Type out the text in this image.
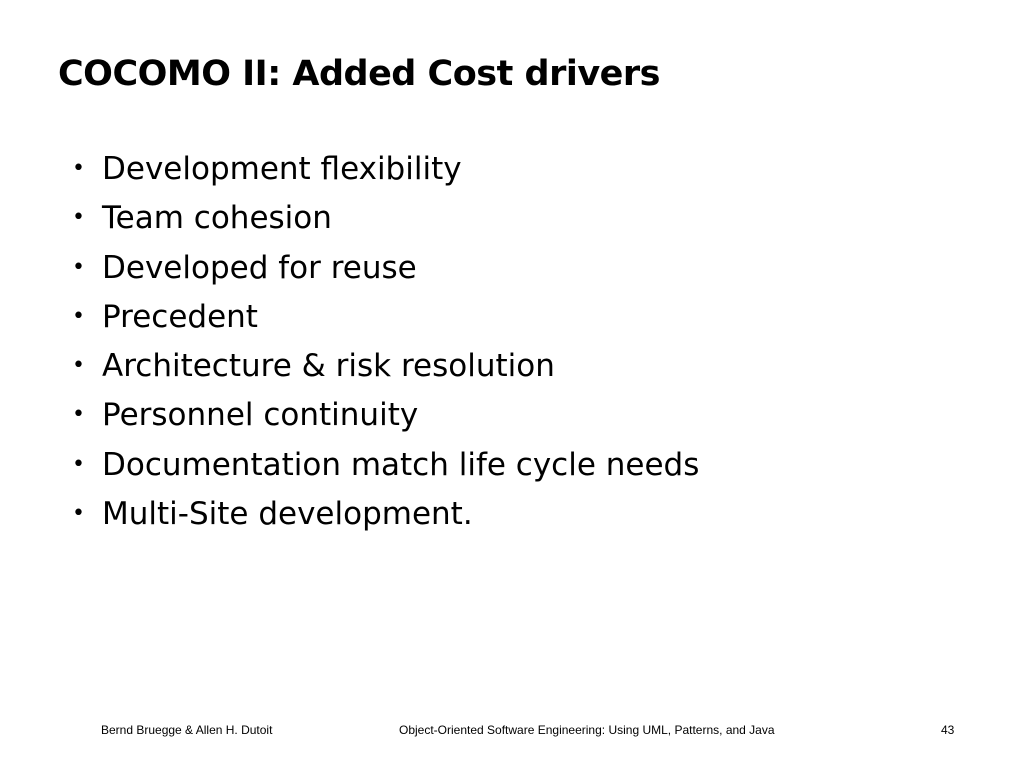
COCOMO II: Added Cost drivers
• Development flexibility
• Team cohesion
• Developed for reuse
• Precedent
• Architecture & risk resolution
• Personnel continuity
• Documentation match life cycle needs
• Multi-Site development.
Bernd Bruegge & Allen H. Dutoit	Object-Oriented Software Engineering: Using UML, Patterns, and Java	43
